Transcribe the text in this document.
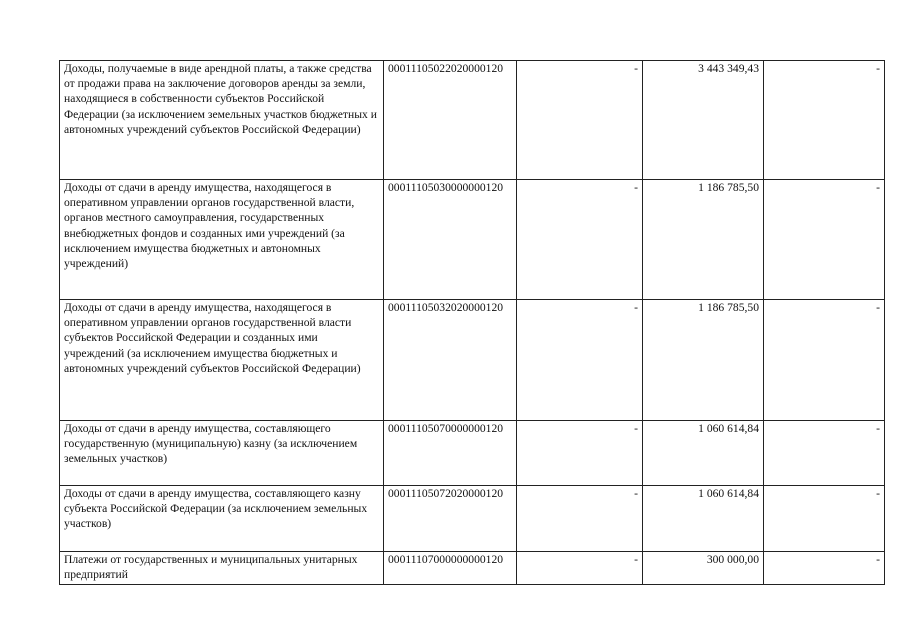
Доходы, получаемые в виде арендной платы, а также средства от продажи права на заключение договоров аренды за земли, находящиеся в собственности субъектов Российской Федерации (за исключением земельных участков бюджетных и автономных учреждений субъектов Российской Федерации)	00011105022020000120	-	3 443 349,43	-
Доходы от сдачи в аренду имущества, находящегося в оперативном управлении органов государственной власти, органов местного самоуправления, государственных внебюджетных фондов и созданных ими учреждений (за исключением имущества бюджетных и автономных учреждений)	00011105030000000120	-	1 186 785,50	-
Доходы от сдачи в аренду имущества, находящегося в оперативном управлении органов государственной власти субъектов Российской Федерации и созданных ими учреждений (за исключением имущества бюджетных и автономных учреждений субъектов Российской Федерации)	00011105032020000120	-	1 186 785,50	-
Доходы от сдачи в аренду имущества, составляющего государственную (муниципальную) казну (за исключением земельных участков)	00011105070000000120	-	1 060 614,84	-
Доходы от сдачи в аренду имущества, составляющего казну субъекта Российской Федерации (за исключением земельных участков)	00011105072020000120	-	1 060 614,84	-
Платежи от государственных и муниципальных унитарных предприятий	00011107000000000120	-	300 000,00	-
